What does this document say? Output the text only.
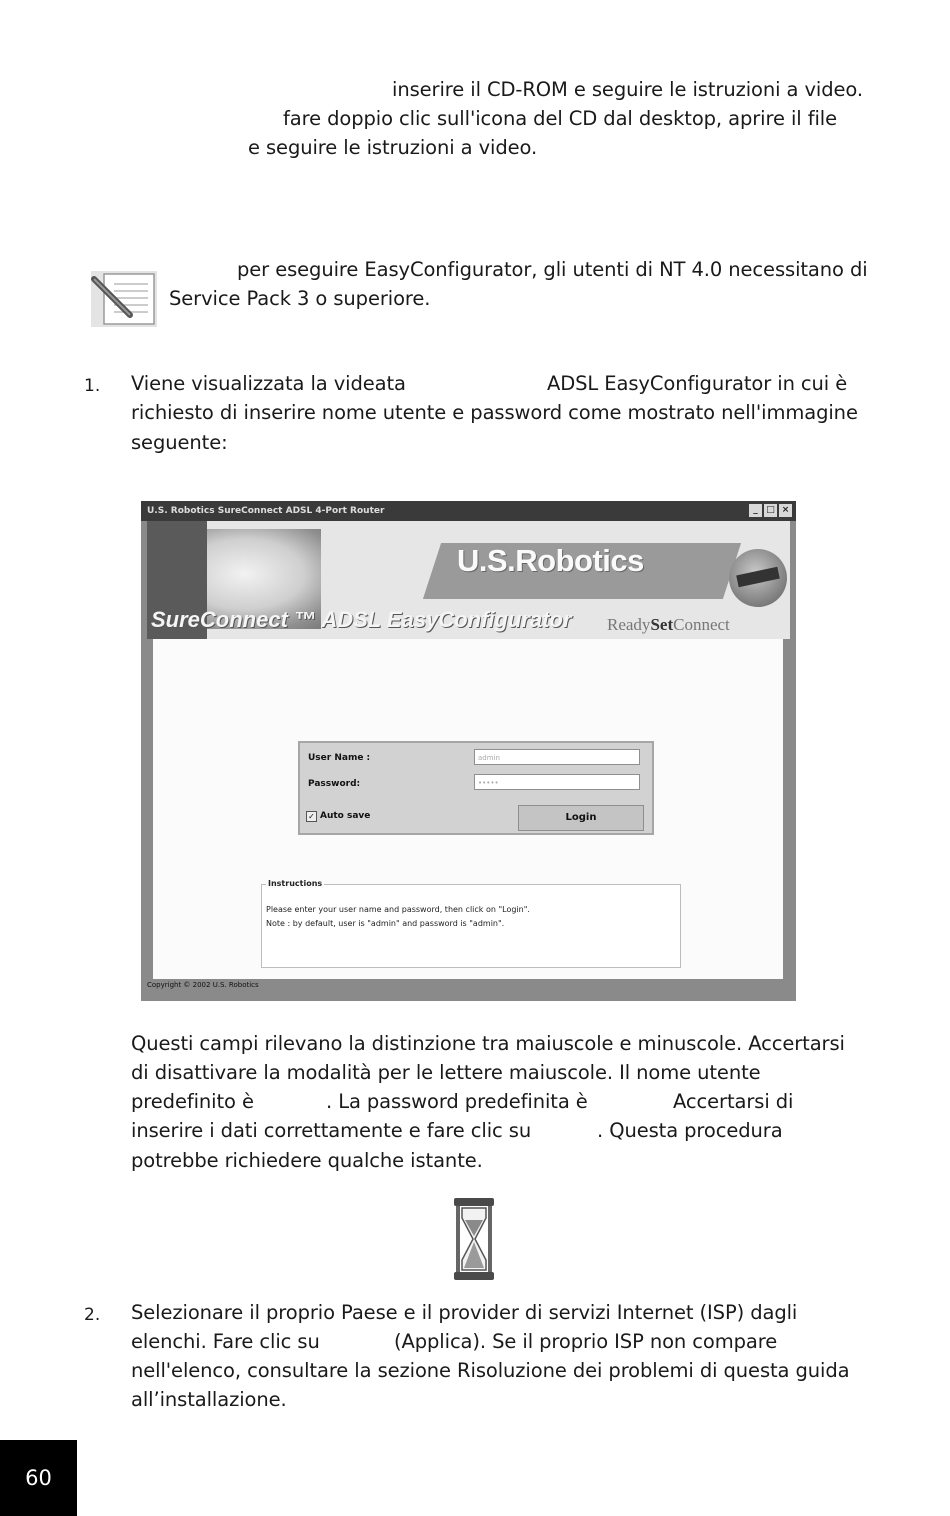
inserire il CD-ROM e seguire le istruzioni a video.
fare doppio clic sull'icona del CD dal desktop, aprire il file
e seguire le istruzioni a video.
per eseguire EasyConfigurator, gli utenti di NT 4.0 necessitano di
Service Pack 3 o superiore.
1. Viene visualizzata la videata	ADSL EasyConfigurator in cui è
richiesto di inserire nome utente e password come mostrato nell'immagine
seguente:
U.S. Robotics SureConnect ADSL 4-Port Router	_ □ ×
U.S.Robotics
SureConnect ™ ADSL EasyConfigurator ReadySetConnect
User Name :	admin
Password:	•••••
✓ Auto save	Login
Instructions
Please enter your user name and password, then click on "Login".
Note : by default, user is "admin" and password is "admin".
Copyright © 2002 U.S. Robotics
Questi campi rilevano la distinzione tra maiuscole e minuscole. Accertarsi
di disattivare la modalità per le lettere maiuscole. Il nome utente
predefinito è	. La password predefinita è	Accertarsi di
inserire i dati correttamente e fare clic su	. Questa procedura
potrebbe richiedere qualche istante.
2. Selezionare il proprio Paese e il provider di servizi Internet (ISP) dagli
elenchi. Fare clic su	(Applica). Se il proprio ISP non compare
nell'elenco, consultare la sezione Risoluzione dei problemi di questa guida
all’installazione.
60
